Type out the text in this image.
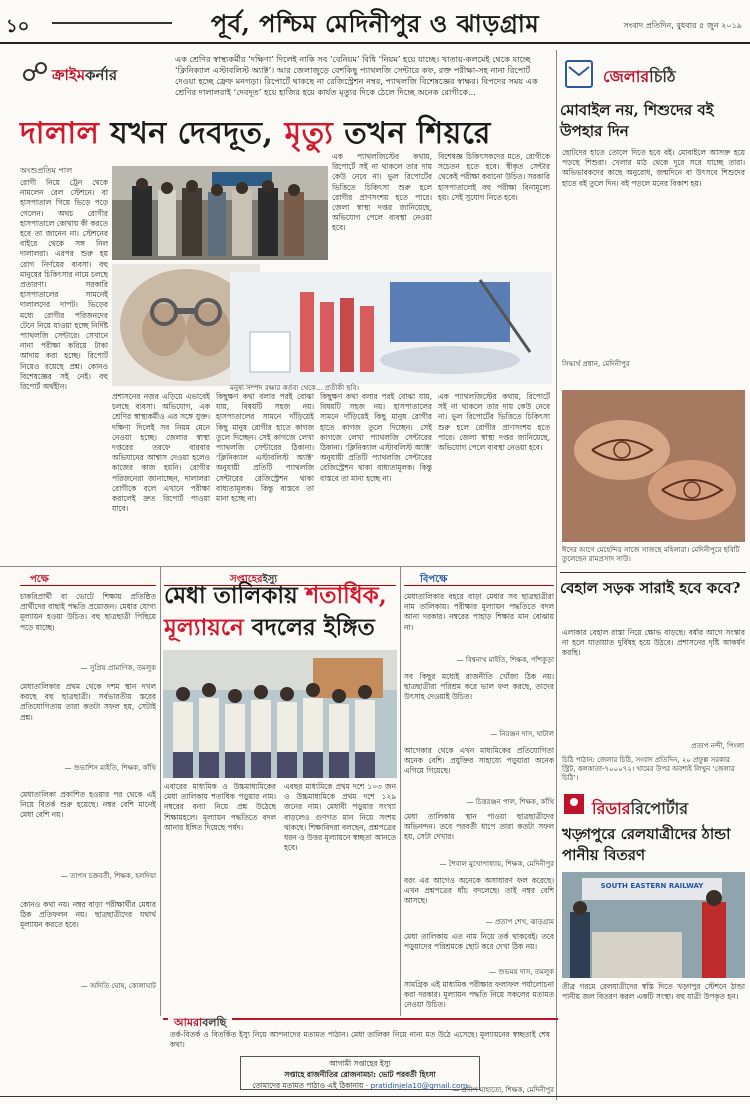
১০	পূর্ব, পশ্চিম মেদিনীপুর ও ঝাড়গ্রাম	সংবাদ প্রতিদিন, বুধবার ৫ জুন ২০১৯
ক্রাইমকর্নার
এক শ্রেণির স্বাস্থ্যকর্মীর ‘দক্ষিণা’ দিলেই নাকি সব ‘বেনিয়ম’ বিধি ‘নিয়ম’ হয়ে যাচ্ছে। খাতায়-কলমেই থেকে যাচ্ছে ‘ক্লিনিক্যাল এস্টাবলিস্ট অ্যাক্ট’। আর জেলাজুড়ে বেশকিছু প্যাথলজি সেন্টারে কফ, রক্ত পরীক্ষা-সহ নানা রিপোর্ট দেওয়া হচ্ছে ফ্রেফ মনগড়া। রিপোর্টে থাকছে না রেজিস্ট্রেশন নম্বর, প্যাথলজি বিশেষজ্ঞের স্বাক্ষর। বিপদের সময় এক শ্রেণির দালালরাই ‘দেবদূত’ হয়ে হাজির হয়ে কার্যত মৃত্যুর দিকে ঠেলে দিচ্ছে অনেক রোগীকে...
দালাল যখন দেবদূত, মৃত্যু তখন শিয়রে
অংশুপ্রতিম পাল
রোগী নিয়ে ট্রেন থেকে নামলেন রেল স্টেশনে। বা হাসপাতাল গিয়ে ভিড়ে পড়ে গেলেন। অথচ রোগীর হাসপাতালে কোথায় কী করতে হবে তা জানেন না। স্টেশনের বাইরে থেকে সঙ্গ নিল দালালরা। এরপর শুরু হয় রোগ নির্ণয়ের ব্যবসা। বহু মানুষের চিকিৎসার নামে চলছে প্রতারণা। সরকারি হাসপাতালের সামনেই দালালদের দাপট। ভিড়ের মধ্যে রোগীর পরিজনদের টেনে নিয়ে যাওয়া হচ্ছে নির্দিষ্ট প্যাথলজি সেন্টারে। সেখানে নানা পরীক্ষা করিয়ে টাকা আদায় করা হচ্ছে। রিপোর্ট নিয়েও রয়েছে প্রশ্ন। কোনও বিশেষজ্ঞের সই নেই। বহু রিপোর্ট অর্থহীন।
প্রশাসনের নজর এড়িয়ে এভাবেই চলছে ব্যবসা। অভিযোগ, এক শ্রেণির স্বাস্থ্যকর্মীও এর সঙ্গে যুক্ত। দক্ষিণা দিলেই সব নিয়ম মেনে নেওয়া হচ্ছে। জেলার স্বাস্থ্য দপ্তরের তরফে বারবার অভিযানের আশ্বাস দেওয়া হলেও কাজের কাজ হয়নি। রোগীর পরিজনেরা জানাচ্ছেন, দালালরা রোগীকে বলে এখানে পরীক্ষা করালেই দ্রুত রিপোর্ট পাওয়া যাবে।
কিছুক্ষণ কথা বলার পরই বোঝা যায়, বিষয়টি সহজ নয়। হাসপাতালের সামনে দাঁড়িয়েই কিছু মানুষ রোগীর হাতে কাগজ তুলে দিচ্ছেন। সেই কাগজে লেখা প্যাথলজি সেন্টারের ঠিকানা। ‘ক্লিনিক্যাল এস্টাবলিস্ট অ্যাক্ট’ অনুযায়ী প্রতিটি প্যাথলজি সেন্টারের রেজিস্ট্রেশন থাকা বাধ্যতামূলক। কিন্তু বাস্তবে তা মানা হচ্ছে না।
এক প্যাথলজিস্টের কথায়, রিপোর্টে সই না থাকলে তার দায় কেউ নেবে না। ভুল রিপোর্টের ভিত্তিতে চিকিৎসা শুরু হলে রোগীর প্রাণসংশয় হতে পারে। জেলা স্বাস্থ্য দপ্তর জানিয়েছে, অভিযোগ পেলে ব্যবস্থা নেওয়া হবে।
বিশেষজ্ঞ চিকিৎসকদের মতে, রোগীকে সচেতন হতে হবে। স্বীকৃত সেন্টার থেকেই পরীক্ষা করানো উচিত। সরকারি হাসপাতালেই বহু পরীক্ষা বিনামূল্যে হয়। সেই সুযোগ নিতে হবে।
কিছুক্ষণ কথা বলার পরই বোঝা যায়, বিষয়টি সহজ নয়। হাসপাতালের সামনে দাঁড়িয়েই কিছু মানুষ রোগীর হাতে কাগজ তুলে দিচ্ছেন। সেই কাগজে লেখা প্যাথলজি সেন্টারের ঠিকানা। ‘ক্লিনিক্যাল এস্টাবলিস্ট অ্যাক্ট’ অনুযায়ী প্রতিটি প্যাথলজি সেন্টারের রেজিস্ট্রেশন থাকা বাধ্যতামূলক। কিন্তু বাস্তবে তা মানা হচ্ছে না।
এক প্যাথলজিস্টের কথায়, রিপোর্টে সই না থাকলে তার দায় কেউ নেবে না। ভুল রিপোর্টের ভিত্তিতে চিকিৎসা শুরু হলে রোগীর প্রাণসংশয় হতে পারে। জেলা স্বাস্থ্য দপ্তর জানিয়েছে, অভিযোগ পেলে ব্যবস্থা নেওয়া হবে।
মনুষ্য সম্পদ রক্ষার কর্তব্য থেকে... প্রতীকী ছবি।
জেলারচিঠি
মোবাইল নয়, শিশুদের বই উপহার দিন
ছোটদের হাতে তোলে দিতে হবে বই। মোবাইলে আসক্ত হয়ে পড়ছে শিশুরা। খেলার মাঠ থেকে দূরে সরে যাচ্ছে তারা। অভিভাবকদের কাছে অনুরোধ, জন্মদিনে বা উৎসবে শিশুদের হাতে বই তুলে দিন। বই পড়লে মনের বিকাশ হয়।
সিদ্ধার্থ প্রধান, মেদিনীপুর
ঈদের আগে মেহেন্দির সাজে সাজছে মহিলারা। মেদিনীপুরে ছবিটি তুলেছেন রামপ্রসাদ সাউ।
বেহাল সড়ক সারাই হবে কবে?
এলাকার বেহাল রাস্তা নিয়ে ক্ষোভ বাড়ছে। বর্ষার আগে সংস্কার না হলে যাতায়াত দুর্বিষহ হয়ে উঠবে। প্রশাসনের দৃষ্টি আকর্ষণ করছি।
প্রতাপ নন্দী, পিংলা
চিঠি পাঠান: জেলার চিঠি, সংবাদ প্রতিদিন, ২০ প্রফুল্ল সরকার স্ট্রিট, কলকাতা-৭০০০৭২। খামের উপর অবশ্যই লিখুন ‘জেলার চিঠি’।
রিডাররিপোর্টার
খড়্গপুরে রেলযাত্রীদের ঠান্ডা পানীয় বিতরণ
SOUTH EASTERN RAILWAY
তীব্র গরমে রেলযাত্রীদের স্বস্তি দিতে খড়্গপুর স্টেশনে ঠান্ডা পানীয় জল বিতরণ করল একটি সংস্থা। বহু যাত্রী উপকৃত হন।
পক্ষে
চাকরিপ্রার্থী বা ভোটে শিক্ষায় প্রতিষ্ঠিত প্রার্থীদের বাছাই পদ্ধতি প্রয়োজন। মেধার যোগ্য মূল্যায়ন হওয়া উচিত। বহু ছাত্রছাত্রী পিছিয়ে পড়ে যাচ্ছে।
— সুপ্রিয় প্রামাণিক, তমলুক
মেধাতালিকার প্রথম থেকে দশম স্থান দখল করছে বহু ছাত্রছাত্রী। সর্বভারতীয় স্তরের প্রতিযোগিতায় তারা কতটা সফল হয়, সেটাই প্রশ্ন।
— শুভাশিস মাইতি, শিক্ষক, কাঁথি
মেধাতালিকা প্রকাশিত হওয়ার পর থেকে এই নিয়ে বিতর্ক শুরু হয়েছে। নম্বর বেশি মানেই মেধা বেশি নয়।
— তাপস চক্রবর্তী, শিক্ষক, হলদিয়া
কোনও কথা নয়। নম্বর বাড়া পরীক্ষার্থীর মেধার ঠিক প্রতিফলন নয়। ছাত্রছাত্রীদের যথার্থ মূল্যায়ন করতে হবে।
— অদিতি ঘোষ, কোলাঘাট
সপ্তাহেরইস্যু
মেধা তালিকায় শতাধিক,
মূল্যায়নে বদলের ইঙ্গিত
এবারের মাধ্যমিক ও উচ্চমাধ্যমিকের মেধা তালিকায় শতাধিক পড়ুয়ার নাম। নম্বরের বন্যা নিয়ে প্রশ্ন উঠেছে শিক্ষামহলে। মূল্যায়ন পদ্ধতিতে বদল আনার ইঙ্গিত দিয়েছে পর্ষদ।
এবছর মাধ্যমিকে প্রথম দশে ১০৩ জন ও উচ্চমাধ্যমিকে প্রথম দশে ১২৯ জনের নাম। মেধাবী পড়ুয়ার সংখ্যা বাড়লেও গুণগত মান নিয়ে সংশয় থাকছে। শিক্ষাবিদরা বলছেন, প্রশ্নপত্রের ধরন ও উত্তর মূল্যায়নে স্বচ্ছতা আনতে হবে।
বিপক্ষে
মেধাতালিকার বহরে বাড়া মেধার সব ছাত্রছাত্রীরা নাম তালিকায়। পরীক্ষার মূল্যায়ন পদ্ধতিতে বদল আনা দরকার। নম্বরের পাহাড় শিক্ষার মান বোঝায় না।
— বিশ্বনাথ মাইতি, শিক্ষক, পাঁশকুড়া
সব কিছুর মধ্যেই রাজনীতি খোঁজা ঠিক নয়। ছাত্রছাত্রীরা পরিশ্রম করে ভাল ফল করছে, তাদের উৎসাহ দেওয়াই উচিত।
— নিরঞ্জন দাস, ঘাটাল
আগেকার থেকে এখন মাধ্যমিকের প্রতিযোগিতা অনেক বেশি। প্রযুক্তির সাহায্যে পড়ুয়ারা অনেক এগিয়ে গিয়েছে।
— চিত্তরঞ্জন পাল, শিক্ষক, কাঁথি
মেধা তালিকায় স্থান পাওয়া ছাত্রছাত্রীদের অভিনন্দন। তবে পরবর্তী ধাপে তারা কতটা সফল হয়, সেটা দেখার।
— শৈবাল মুখোপাধ্যায়, শিক্ষক, মেদিনীপুর
বরং এর আগেও অনেকে অসাধারণ ফল করেছে। এখন প্রশ্নপত্রের ধাঁচ বদলেছে। তাই নম্বর বেশি আসছে।
— প্রতাপ শেখ, ঝাড়গ্রাম
মেধা তালিকায় এত নাম নিয়ে তর্ক থাকবেই। তবে পড়ুয়াদের পরিশ্রমকে ছোট করে দেখা ঠিক নয়।
— শুভময় দাস, তমলুক
সামগ্রিক এই মাধ্যমিক পরীক্ষার ফলাফল পর্যালোচনা করা দরকার। মূল্যায়ন পদ্ধতি নিয়ে সকলের মতামত নেওয়া উচিত।
— প্রদীপ মাহাতো, শিক্ষক, মেদিনীপুর
আমরাবলছি
তর্ক-বিতর্ক ও বিতর্কিত ইস্যু নিয়ে আপনাদের মতামত পাঠান। মেধা তালিকা নিয়ে নানা মত উঠে এসেছে। মূল্যায়নের স্বচ্ছতাই শেষ কথা।
আগামী সপ্তাহের ইস্যু
সপ্তাহে রাজনীতির রোজনামচা: ভোট পরবর্তী হিংসা
তোমাদের মতামত পাঠাও এই ঠিকানায় · pratidinjela10@gmail.com
